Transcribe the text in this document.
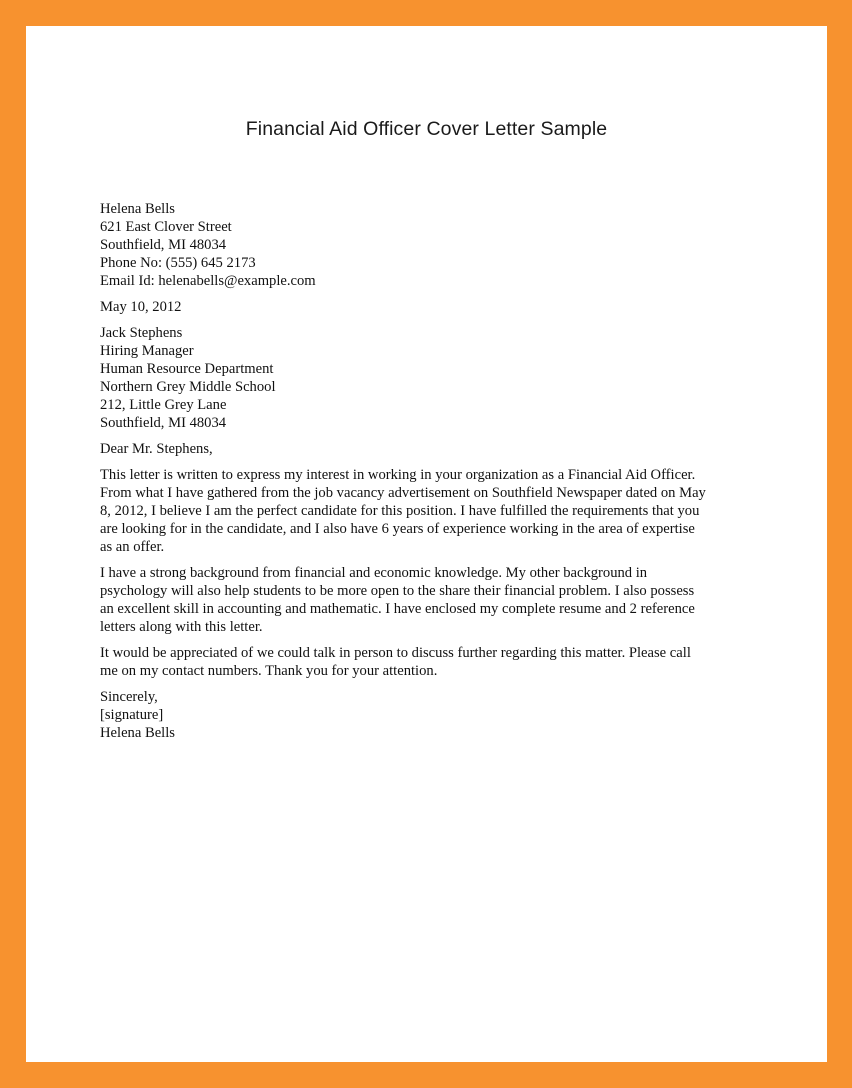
Financial Aid Officer Cover Letter Sample
Helena Bells
621 East Clover Street
Southfield, MI 48034
Phone No: (555) 645 2173
Email Id: helenabells@example.com
May 10, 2012
Jack Stephens
Hiring Manager
Human Resource Department
Northern Grey Middle School
212, Little Grey Lane
Southfield, MI 48034
Dear Mr. Stephens,
This letter is written to express my interest in working in your organization as a Financial Aid Officer.
From what I have gathered from the job vacancy advertisement on Southfield Newspaper dated on May
8, 2012, I believe I am the perfect candidate for this position. I have fulfilled the requirements that you
are looking for in the candidate, and I also have 6 years of experience working in the area of expertise
as an offer.
I have a strong background from financial and economic knowledge. My other background in
psychology will also help students to be more open to the share their financial problem. I also possess
an excellent skill in accounting and mathematic. I have enclosed my complete resume and 2 reference
letters along with this letter.
It would be appreciated of we could talk in person to discuss further regarding this matter. Please call
me on my contact numbers. Thank you for your attention.
Sincerely,
[signature]
Helena Bells
